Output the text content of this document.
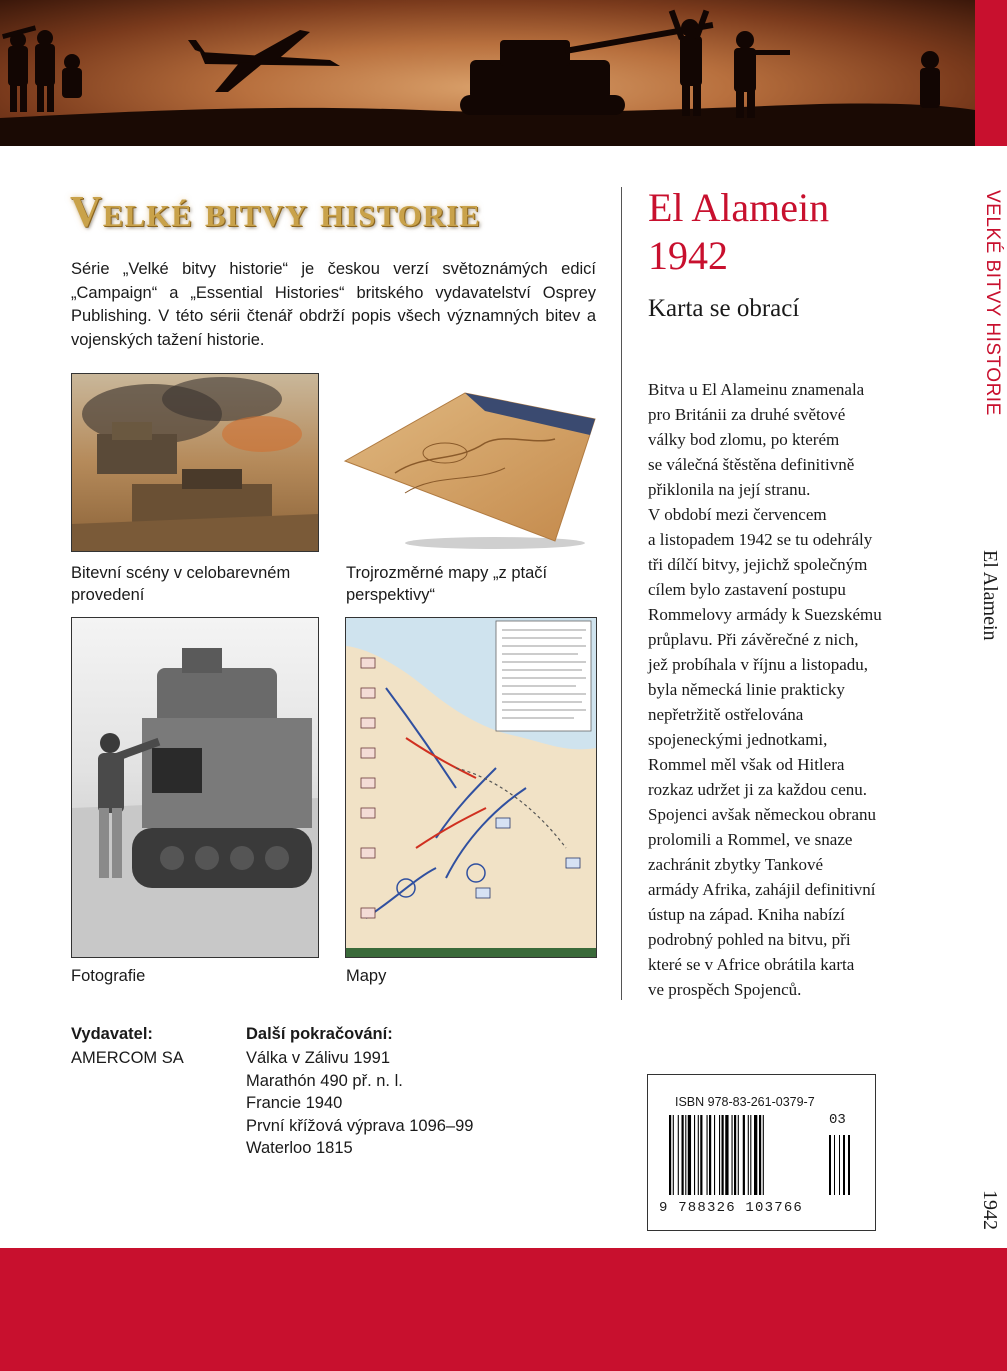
VELKÉ BITVY HISTORIE
El Alamein
1942
Velké bitvy historie
Série „Velké bitvy historie“ je českou verzí světoznámých edicí „Campaign“ a „Essential Histories“ britského vydavatelství Osprey Publishing. V této sérii čtenář obdrží popis všech významných bitev a vojenských tažení historie.
Bitevní scény v celobarevném provedení
Trojrozměrné mapy „z ptačí perspektivy“
Fotografie	Mapy
El Alamein
1942
Karta se obrací
Bitva u El Alameinu znamenala
pro Británii za druhé světové
války bod zlomu, po kterém
se válečná štěstěna definitivně
přiklonila na její stranu.
V období mezi červencem
a listopadem 1942 se tu odehrály
tři dílčí bitvy, jejichž společným
cílem bylo zastavení postupu
Rommelovy armády k Suezskému
průplavu. Při závěrečné z nich,
jež probíhala v říjnu a listopadu,
byla německá linie prakticky
nepřetržitě ostřelována
spojeneckými jednotkami,
Rommel měl však od Hitlera
rozkaz udržet ji za každou cenu.
Spojenci avšak německou obranu
prolomili a Rommel, ve snaze
zachránit zbytky Tankové
armády Afrika, zahájil definitivní
ústup na západ. Kniha nabízí
podrobný pohled na bitvu, při
které se v Africe obrátila karta
ve prospěch Spojenců.
Vydavatel:
AMERCOM SA
Další pokračování:
Válka v Zálivu 1991
Marathón 490 př. n. l.
Francie 1940
První křížová výprava 1096–99
Waterloo 1815
ISBN 978-83-261-0379-7
03
9 788326 103766
